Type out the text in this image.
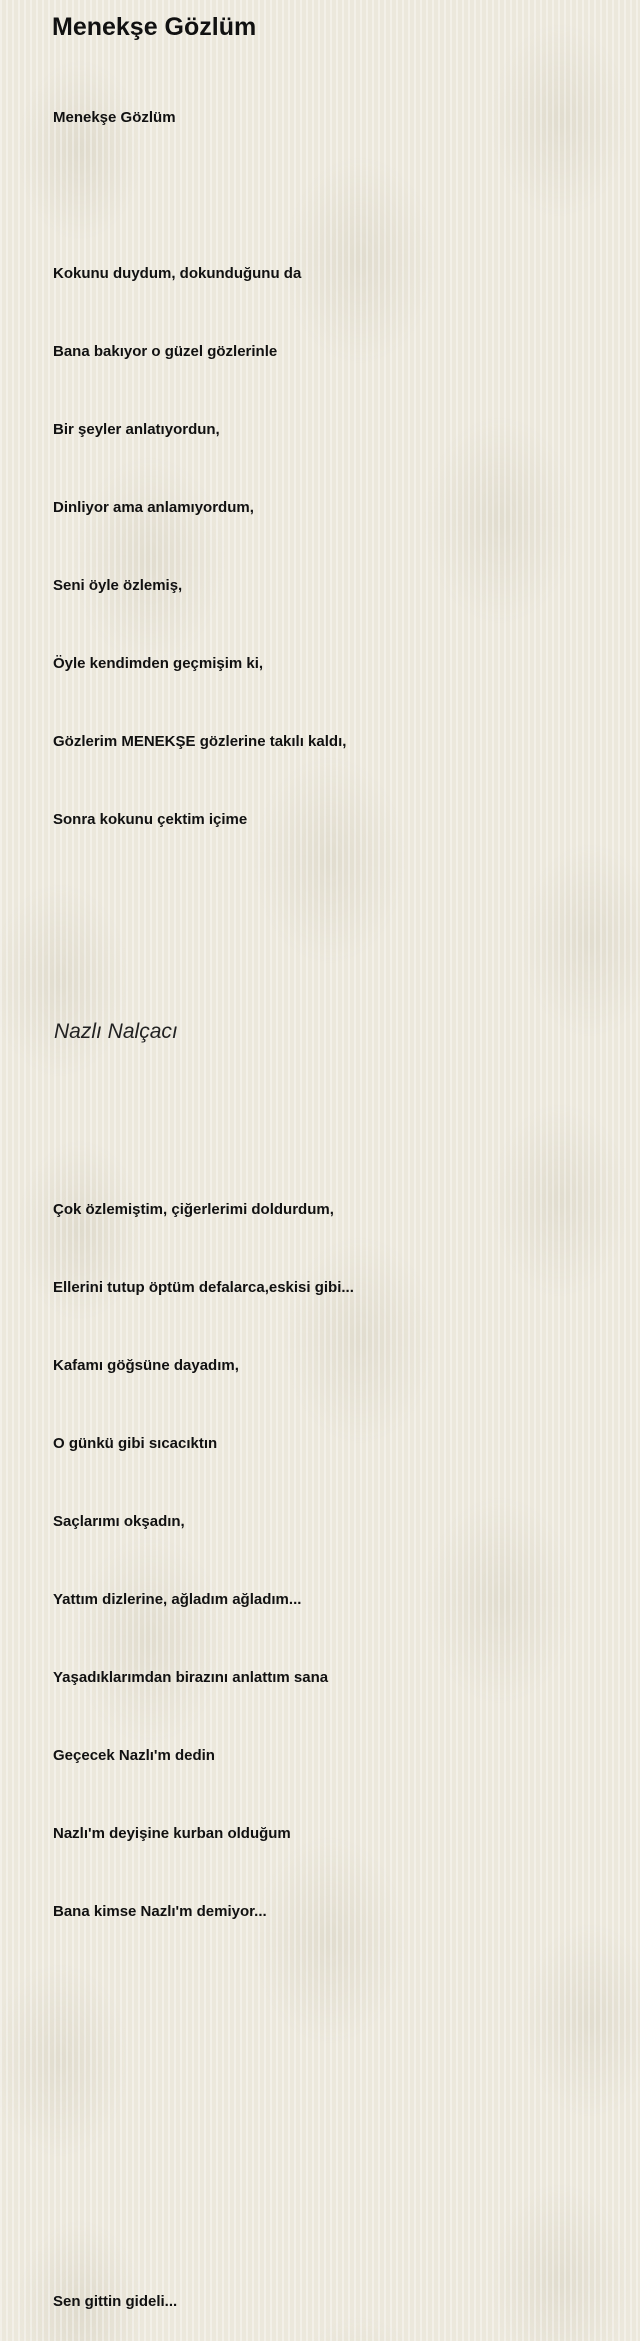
Menekşe Gözlüm

Menekşe Gözlüm

Kokunu duydum, dokunduğunu da

Bana bakıyor o güzel gözlerinle

Bir şeyler anlatıyordun,

Dinliyor ama anlamıyordum,

Seni öyle özlemiş,

Öyle kendimden geçmişim ki,

Gözlerim MENEKŞE gözlerine takılı kaldı,

Sonra kokunu çektim içime

Çok özlemiştim, çiğerlerimi doldurdum,

Ellerini tutup öptüm defalarca,eskisi gibi...

Kafamı göğsüne dayadım,

O günkü gibi sıcacıktın

Saçlarımı okşadın,

Yattım dizlerine, ağladım ağladım...

Yaşadıklarımdan birazını anlattım sana

Geçecek Nazlı'm dedin

Nazlı'm deyişine kurban olduğum

Bana kimse Nazlı'm demiyor...

Sen gittin gideli...

Nazlı Nalçacı
